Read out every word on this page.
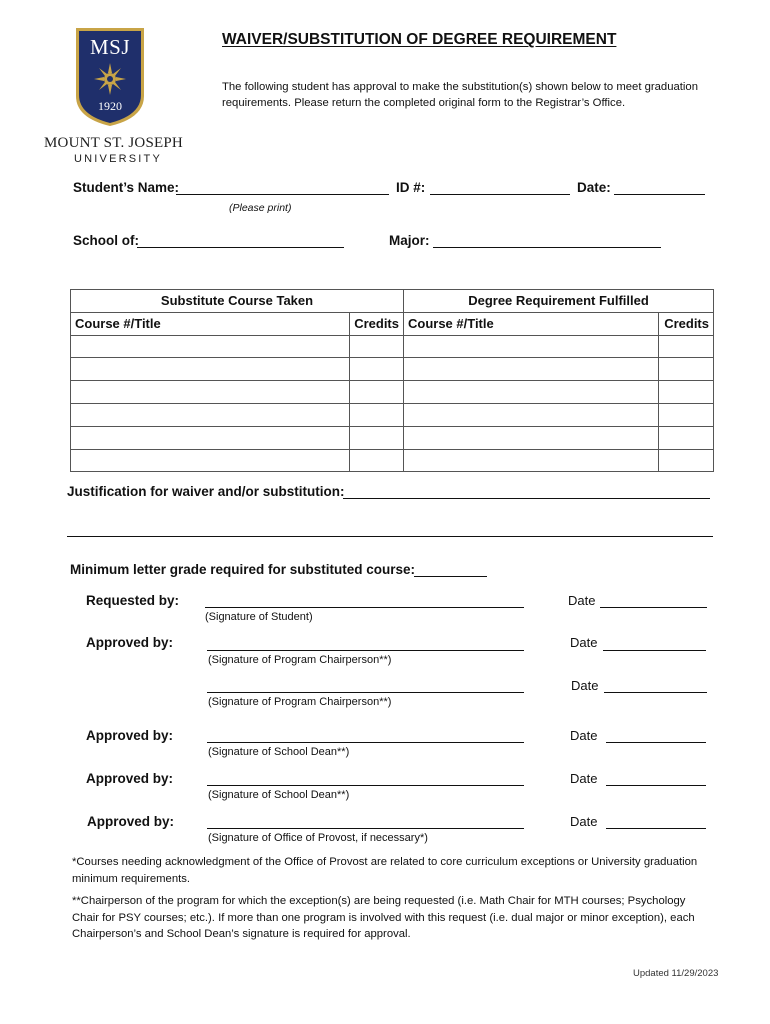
MSJ
1920
MOUNT ST. JOSEPH
UNIVERSITY
WAIVER/SUBSTITUTION OF DEGREE REQUIREMENT
The following student has approval to make the substitution(s) shown below to meet graduation requirements. Please return the completed original form to the Registrar’s Office.
Student’s Name:	ID #:	Date:
(Please print)
School of:	Major:
Substitute Course Taken		Degree Requirement Fulfilled	
Course #/Title	Credits	Course #/Title	Credits

Justification for waiver and/or substitution:
Minimum letter grade required for substituted course:
Requested by:
(Signature of Student)
Date
Approved by:
(Signature of Program Chairperson**)
Date
(Signature of Program Chairperson**)
Date
Approved by:
(Signature of School Dean**)
Date
Approved by:
(Signature of School Dean**)
Date
Approved by:
(Signature of Office of Provost, if necessary*)
Date
*Courses needing acknowledgment of the Office of Provost are related to core curriculum exceptions or University graduation minimum requirements.
**Chairperson of the program for which the exception(s) are being requested (i.e. Math Chair for MTH courses; Psychology Chair for PSY courses; etc.). If more than one program is involved with this request (i.e. dual major or minor exception), each Chairperson’s and School Dean’s signature is required for approval.
Updated 11/29/2023
